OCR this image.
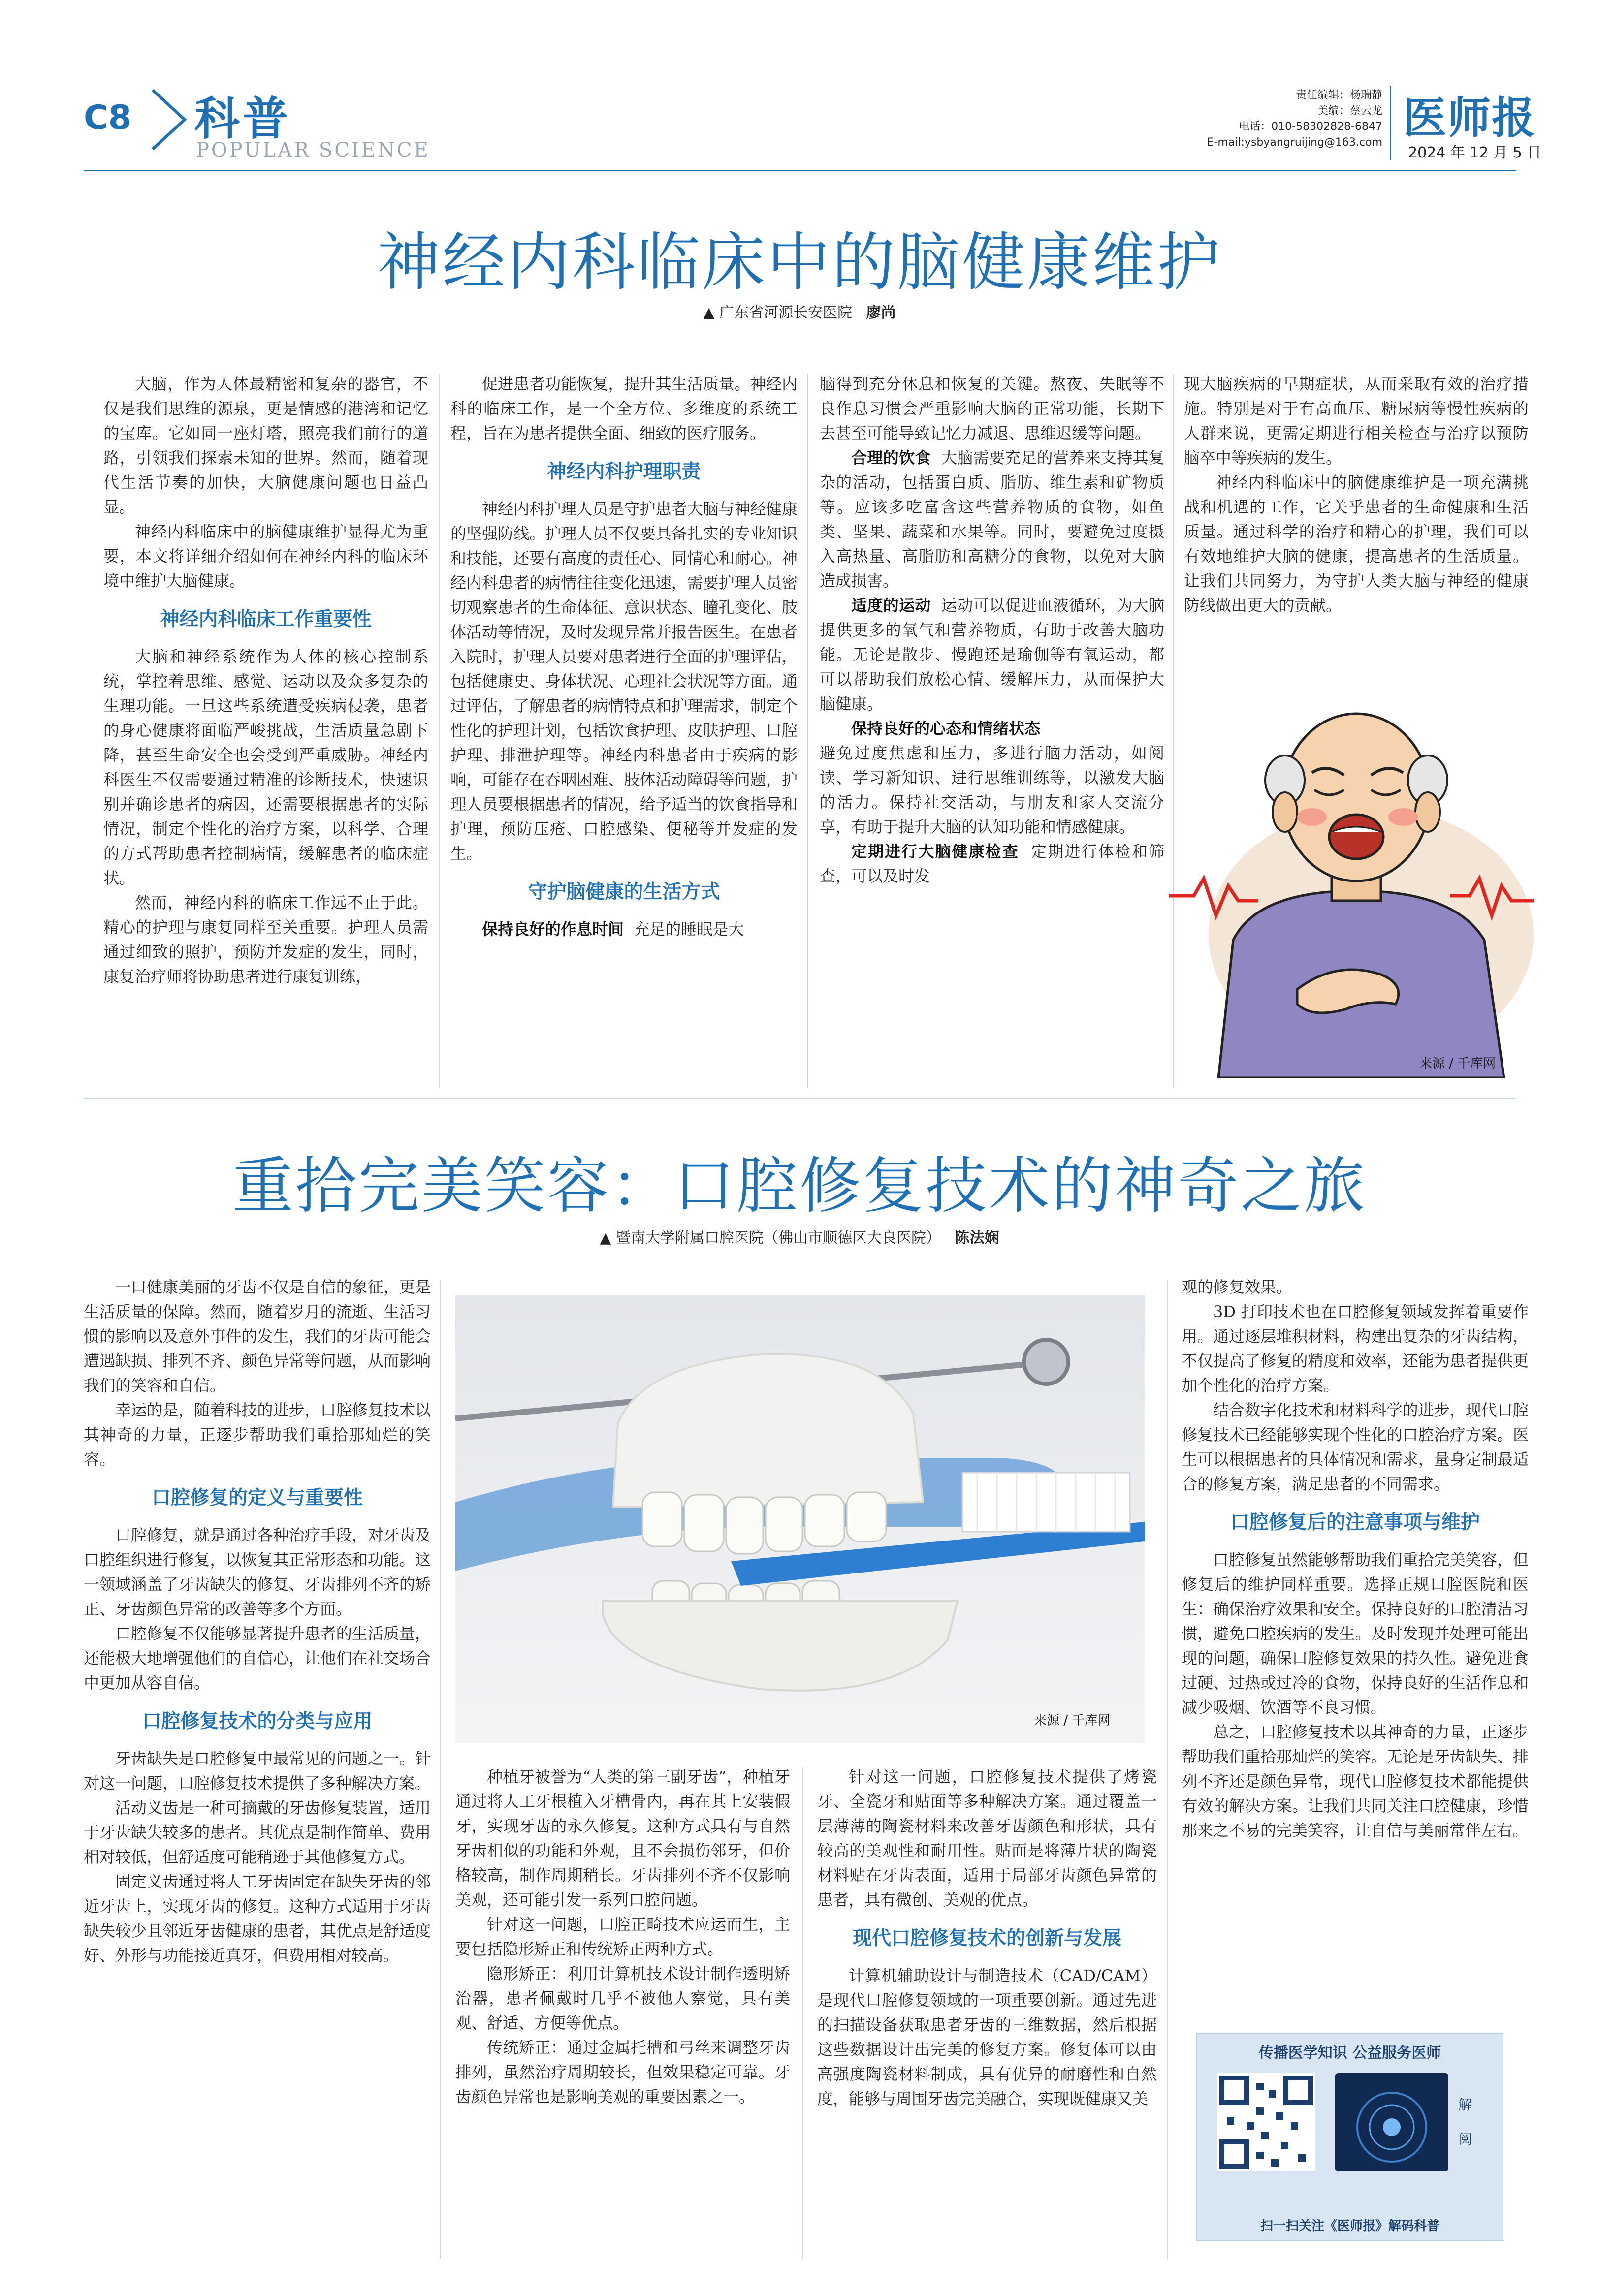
C8 科普
POPULAR SCIENCE
责任编辑：杨瑞静
美编：蔡云龙
电话：010-58302828-6847
E-mail:ysbyangruijing@163.com 医师报
2024 年 12 月 5 日
神经内科临床中的脑健康维护
▲ 广东省河源长安医院 廖尚

大脑，作为人体最精密和复杂的器官，不仅是我们思维的源泉，更是情感的港湾和记忆的宝库。它如同一座灯塔，照亮我们前行的道路，引领我们探索未知的世界。然而，随着现代生活节奏的加快，大脑健康问题也日益凸显。

神经内科临床中的脑健康维护显得尤为重要，本文将详细介绍如何在神经内科的临床环境中维护大脑健康。

神经内科临床工作重要性

大脑和神经系统作为人体的核心控制系统，掌控着思维、感觉、运动以及众多复杂的生理功能。一旦这些系统遭受疾病侵袭，患者的身心健康将面临严峻挑战，生活质量急剧下降，甚至生命安全也会受到严重威胁。神经内科医生不仅需要通过精准的诊断技术，快速识别并确诊患者的病因，还需要根据患者的实际情况，制定个性化的治疗方案，以科学、合理的方式帮助患者控制病情，缓解患者的临床症状。

然而，神经内科的临床工作远不止于此。精心的护理与康复同样至关重要。护理人员需通过细致的照护，预防并发症的发生，同时，康复治疗师将协助患者进行康复训练，

促进患者功能恢复，提升其生活质量。神经内科的临床工作，是一个全方位、多维度的系统工程，旨在为患者提供全面、细致的医疗服务。

神经内科护理职责

神经内科护理人员是守护患者大脑与神经健康的坚强防线。护理人员不仅要具备扎实的专业知识和技能，还要有高度的责任心、同情心和耐心。神经内科患者的病情往往变化迅速，需要护理人员密切观察患者的生命体征、意识状态、瞳孔变化、肢体活动等情况，及时发现异常并报告医生。在患者入院时，护理人员要对患者进行全面的护理评估，包括健康史、身体状况、心理社会状况等方面。通过评估，了解患者的病情特点和护理需求，制定个性化的护理计划，包括饮食护理、皮肤护理、口腔护理、排泄护理等。神经内科患者由于疾病的影响，可能存在吞咽困难、肢体活动障碍等问题，护理人员要根据患者的情况，给予适当的饮食指导和护理，预防压疮、口腔感染、便秘等并发症的发生。

守护脑健康的生活方式

保持良好的作息时间 充足的睡眠是大

脑得到充分休息和恢复的关键。熬夜、失眠等不良作息习惯会严重影响大脑的正常功能，长期下去甚至可能导致记忆力减退、思维迟缓等问题。

合理的饮食 大脑需要充足的营养来支持其复杂的活动，包括蛋白质、脂肪、维生素和矿物质等。应该多吃富含这些营养物质的食物，如鱼类、坚果、蔬菜和水果等。同时，要避免过度摄入高热量、高脂肪和高糖分的食物，以免对大脑造成损害。

适度的运动 运动可以促进血液循环，为大脑提供更多的氧气和营养物质，有助于改善大脑功能。无论是散步、慢跑还是瑜伽等有氧运动，都可以帮助我们放松心情、缓解压力，从而保护大脑健康。

保持良好的心态和情绪状态

避免过度焦虑和压力，多进行脑力活动，如阅读、学习新知识、进行思维训练等，以激发大脑的活力。保持社交活动，与朋友和家人交流分享，有助于提升大脑的认知功能和情感健康。

定期进行大脑健康检查 定期进行体检和筛查，可以及时发

现大脑疾病的早期症状，从而采取有效的治疗措施。特别是对于有高血压、糖尿病等慢性疾病的人群来说，更需定期进行相关检查与治疗以预防脑卒中等疾病的发生。

神经内科临床中的脑健康维护是一项充满挑战和机遇的工作，它关乎患者的生命健康和生活质量。通过科学的治疗和精心的护理，我们可以有效地维护大脑的健康，提高患者的生活质量。让我们共同努力，为守护人类大脑与神经的健康防线做出更大的贡献。

来源 / 千库网
重拾完美笑容：口腔修复技术的神奇之旅
▲ 暨南大学附属口腔医院（佛山市顺德区大良医院） 陈法娴

一口健康美丽的牙齿不仅是自信的象征，更是生活质量的保障。然而，随着岁月的流逝、生活习惯的影响以及意外事件的发生，我们的牙齿可能会遭遇缺损、排列不齐、颜色异常等问题，从而影响我们的笑容和自信。

幸运的是，随着科技的进步，口腔修复技术以其神奇的力量，正逐步帮助我们重拾那灿烂的笑容。

口腔修复的定义与重要性

口腔修复，就是通过各种治疗手段，对牙齿及口腔组织进行修复，以恢复其正常形态和功能。这一领域涵盖了牙齿缺失的修复、牙齿排列不齐的矫正、牙齿颜色异常的改善等多个方面。

口腔修复不仅能够显著提升患者的生活质量，还能极大地增强他们的自信心，让他们在社交场合中更加从容自信。

口腔修复技术的分类与应用

牙齿缺失是口腔修复中最常见的问题之一。针对这一问题，口腔修复技术提供了多种解决方案。

活动义齿是一种可摘戴的牙齿修复装置，适用于牙齿缺失较多的患者。其优点是制作简单、费用相对较低，但舒适度可能稍逊于其他修复方式。

固定义齿通过将人工牙齿固定在缺失牙齿的邻近牙齿上，实现牙齿的修复。这种方式适用于牙齿缺失较少且邻近牙齿健康的患者，其优点是舒适度好、外形与功能接近真牙，但费用相对较高。

来源 / 千库网

种植牙被誉为“人类的第三副牙齿”，种植牙通过将人工牙根植入牙槽骨内，再在其上安装假牙，实现牙齿的永久修复。这种方式具有与自然牙齿相似的功能和外观，且不会损伤邻牙，但价格较高，制作周期稍长。牙齿排列不齐不仅影响美观，还可能引发一系列口腔问题。

针对这一问题，口腔正畸技术应运而生，主要包括隐形矫正和传统矫正两种方式。

隐形矫正：利用计算机技术设计制作透明矫治器，患者佩戴时几乎不被他人察觉，具有美观、舒适、方便等优点。

传统矫正：通过金属托槽和弓丝来调整牙齿排列，虽然治疗周期较长，但效果稳定可靠。牙齿颜色异常也是影响美观的重要因素之一。

针对这一问题，口腔修复技术提供了烤瓷牙、全瓷牙和贴面等多种解决方案。通过覆盖一层薄薄的陶瓷材料来改善牙齿颜色和形状，具有较高的美观性和耐用性。贴面是将薄片状的陶瓷材料贴在牙齿表面，适用于局部牙齿颜色异常的患者，具有微创、美观的优点。

现代口腔修复技术的创新与发展

计算机辅助设计与制造技术（CAD/CAM）是现代口腔修复领域的一项重要创新。通过先进的扫描设备获取患者牙齿的三维数据，然后根据这些数据设计出完美的修复方案。修复体可以由高强度陶瓷材料制成，具有优异的耐磨性和自然度，能够与周围牙齿完美融合，实现既健康又美

观的修复效果。

3D 打印技术也在口腔修复领域发挥着重要作用。通过逐层堆积材料，构建出复杂的牙齿结构，不仅提高了修复的精度和效率，还能为患者提供更加个性化的治疗方案。

结合数字化技术和材料科学的进步，现代口腔修复技术已经能够实现个性化的口腔治疗方案。医生可以根据患者的具体情况和需求，量身定制最适合的修复方案，满足患者的不同需求。

口腔修复后的注意事项与维护

口腔修复虽然能够帮助我们重拾完美笑容，但修复后的维护同样重要。选择正规口腔医院和医生：确保治疗效果和安全。保持良好的口腔清洁习惯，避免口腔疾病的发生。及时发现并处理可能出现的问题，确保口腔修复效果的持久性。避免进食过硬、过热或过冷的食物，保持良好的生活作息和减少吸烟、饮酒等不良习惯。

总之，口腔修复技术以其神奇的力量，正逐步帮助我们重拾那灿烂的笑容。无论是牙齿缺失、排列不齐还是颜色异常，现代口腔修复技术都能提供有效的解决方案。让我们共同关注口腔健康，珍惜那来之不易的完美笑容，让自信与美丽常伴左右。

传播医学知识 公益服务医师
解 阅
扫一扫关注《医师报》解码科普
